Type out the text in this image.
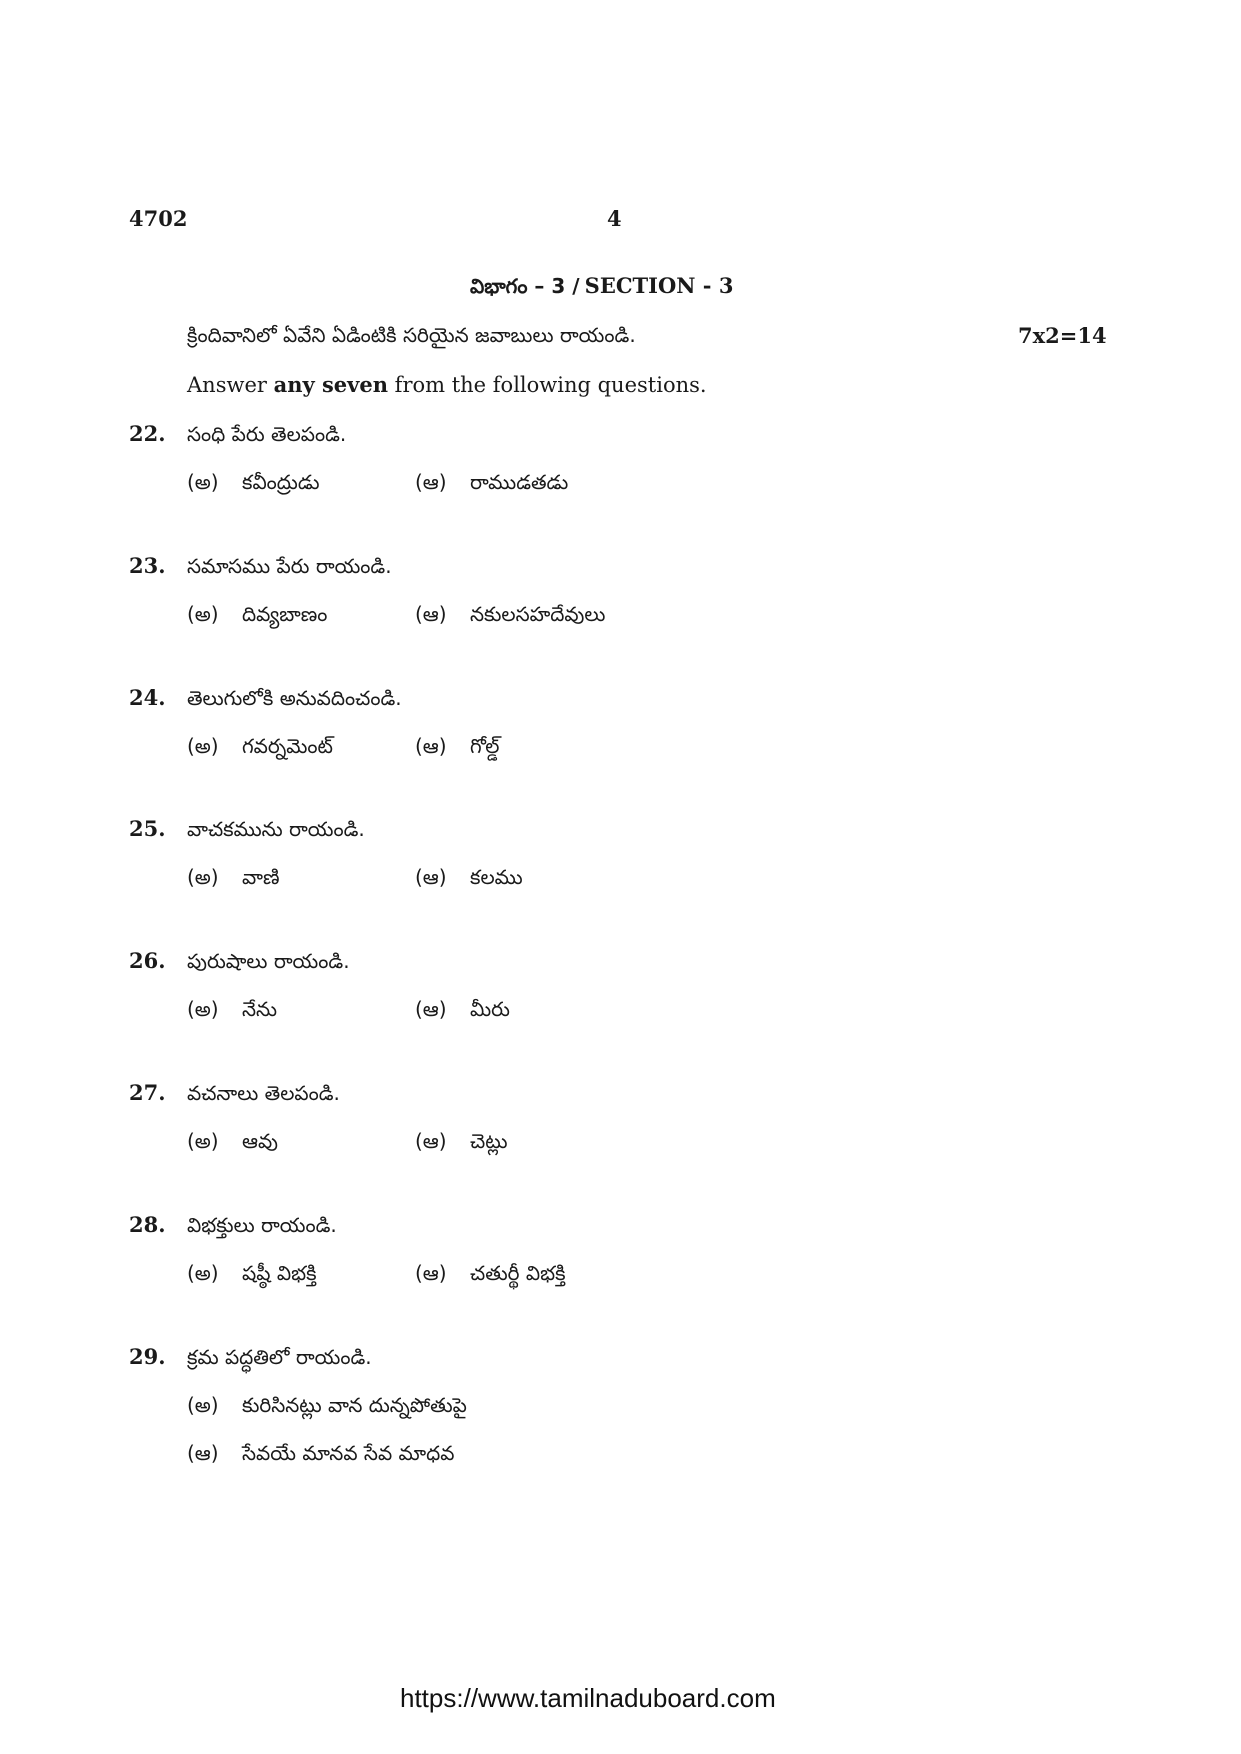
4702	4
విభాగం – 3 / SECTION - 3
క్రిందివానిలో ఏవేని ఏడింటికి సరియైన జవాబులు రాయండి.	7x2=14
Answer any seven from the following questions.
22. సంధి పేరు తెలపండి.
(అ) కవీంద్రుడు	(ఆ) రాముడతడు
23. సమాసము పేరు రాయండి.
(అ) దివ్యబాణం	(ఆ) నకులసహదేవులు
24. తెలుగులోకి అనువదించండి.
(అ) గవర్నమెంట్	(ఆ) గోల్డ్
25. వాచకమును రాయండి.
(అ) వాణి	(ఆ) కలము
26. పురుషాలు రాయండి.
(అ) నేను	(ఆ) మీరు
27. వచనాలు తెలపండి.
(అ) ఆవు	(ఆ) చెట్లు
28. విభక్తులు రాయండి.
(అ) షష్ఠీ విభక్తి	(ఆ) చతుర్థీ విభక్తి
29. క్రమ పద్ధతిలో రాయండి.
(అ) కురిసినట్లు వాన దున్నపోతుపై
(ఆ) సేవయే మానవ సేవ మాధవ
https://www.tamilnaduboard.com
